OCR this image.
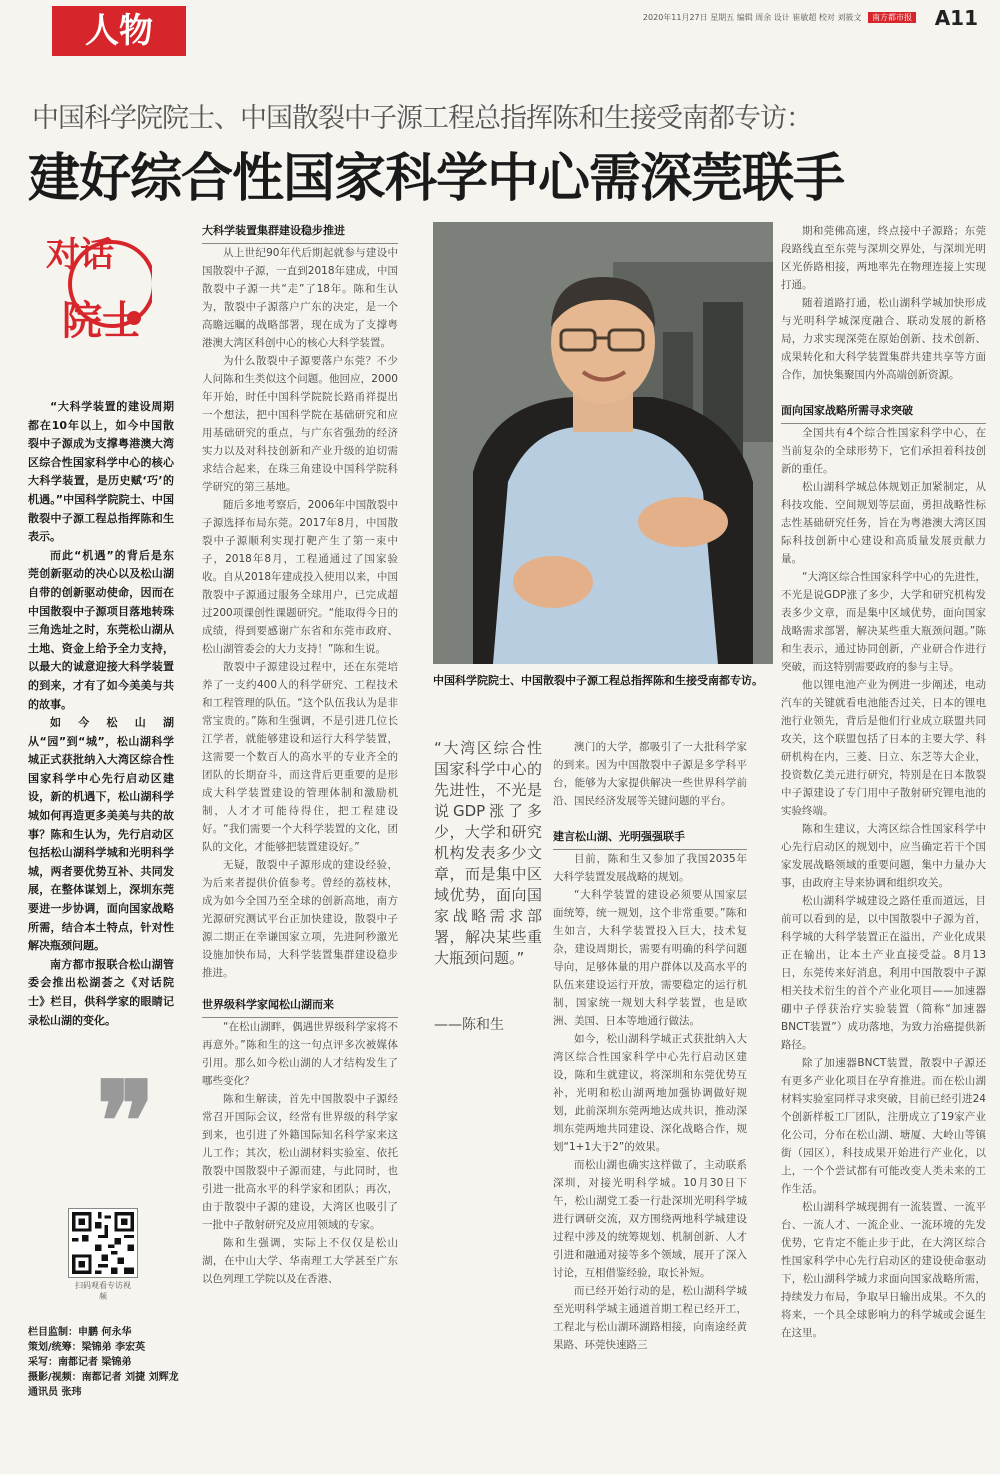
人物	2020年11月27日 星期五 编辑 周余 设计 崔敏超 校对 刘筱文 南方都市报	A11
中国科学院院士、中国散裂中子源工程总指挥陈和生接受南都专访：
建好综合性国家科学中心需深莞联手
对话
院士

“大科学装置的建设周期都在10年以上，如今中国散裂中子源成为支撑粤港澳大湾区综合性国家科学中心的核心大科学装置，是历史赋‘巧’的机遇。”中国科学院院士、中国散裂中子源工程总指挥陈和生表示。

而此“机遇”的背后是东莞创新驱动的决心以及松山湖自带的创新驱动使命，因而在中国散裂中子源项目落地转珠三角选址之时，东莞松山湖从土地、资金上给予全力支持，以最大的诚意迎接大科学装置的到来，才有了如今美美与共的故事。

如今松山湖从“园”到“城”，松山湖科学城正式获批纳入大湾区综合性国家科学中心先行启动区建设，新的机遇下，松山湖科学城如何再造更多美美与共的故事？陈和生认为，先行启动区包括松山湖科学城和光明科学城，两者要优势互补、共同发展，在整体谋划上，深圳东莞要进一步协调，面向国家战略所需，结合本土特点，针对性解决瓶颈问题。

南方都市报联合松山湖管委会推出松湖荟之《对话院士》栏目，供科学家的眼睛记录松山湖的变化。

❞
扫码观看专访视频
栏目监制：申鹏 何永华
策划/统筹：梁锦弟 李宏英
采写：南都记者 梁锦弟
摄影/视频：南都记者 刘捷 刘辉龙
通讯员 张玮

大科学装置集群建设稳步推进

从上世纪90年代后期起就参与建设中国散裂中子源，一直到2018年建成，中国散裂中子源一共“走”了18年。陈和生认为，散裂中子源落户广东的决定，是一个高瞻远瞩的战略部署，现在成为了支撑粤港澳大湾区科创中心的核心大科学装置。

为什么散裂中子源要落户东莞？不少人问陈和生类似这个问题。他回应，2000年开始，时任中国科学院院长路甬祥提出一个想法，把中国科学院在基础研究和应用基础研究的重点，与广东省强劲的经济实力以及对科技创新和产业升级的迫切需求结合起来，在珠三角建设中国科学院科学研究的第三基地。

随后多地考察后，2006年中国散裂中子源选择布局东莞。2017年8月，中国散裂中子源顺利实现打靶产生了第一束中子，2018年8月，工程通通过了国家验收。自从2018年建成投入使用以来，中国散裂中子源通过服务全球用户，已完成超过200项课创性课题研究。“能取得今日的成绩，得到要感谢广东省和东莞市政府、松山湖管委会的大力支持！”陈和生说。

散裂中子源建设过程中，还在东莞培养了一支约400人的科学研究、工程技术和工程管理的队伍。“这个队伍我认为是非常宝贵的。”陈和生强调，不是引进几位长江学者，就能够建设和运行大科学装置，这需要一个数百人的高水平的专业齐全的团队的长期奋斗，而这背后更重要的是形成大科学装置建设的管理体制和激励机制，人才才可能待得住，把工程建设好。“我们需要一个大科学装置的文化，团队的文化，才能够把装置建设好。”

无疑，散裂中子源形成的建设经验，为后来者提供价值参考。曾经的荔枝林，成为如今全国乃至全球的创新高地，南方光源研究测试平台正加快建设，散裂中子源二期正在幸谦国家立项，先进阿秒激光设施加快布局，大科学装置集群建设稳步推进。

世界级科学家闻松山湖而来

“在松山湖畔，偶遇世界级科学家将不再意外。”陈和生的这一句点评多次被媒体引用。那么如今松山湖的人才结构发生了哪些变化？

陈和生解读，首先中国散裂中子源经常召开国际会议，经常有世界级的科学家到来，也引进了外籍国际知名科学家来这儿工作；其次，松山湖材料实验室、依托散裂中国散裂中子源而建，与此同时，也引进一批高水平的科学家和团队；再次，由于散裂中子源的建设，大湾区也吸引了一批中子散射研究及应用领域的专家。

陈和生强调，实际上不仅仅是松山湖，在中山大学、华南理工大学甚至广东以色列理工学院以及在香港、

中国科学院院士、中国散裂中子源工程总指挥陈和生接受南都专访。
“大湾区综合性国家科学中心的先进性，不光是说GDP涨了多少，大学和研究机构发表多少文章，而是集中区域优势，面向国家战略需求部署，解决某些重大瓶颈问题。”
——陈和生

澳门的大学，都吸引了一大批科学家的到来。因为中国散裂中子源是多学科平台，能够为大家提供解决一些世界科学前沿、国民经济发展等关键问题的平台。

建言松山湖、光明强强联手

目前，陈和生又参加了我国2035年大科学装置发展战略的规划。

“大科学装置的建设必须要从国家层面统筹，统一规划，这个非常重要。”陈和生如言，大科学装置投入巨大，技术复杂，建设周期长，需要有明确的科学问题导向，足够体量的用户群体以及高水平的队伍来建设运行开放，需要稳定的运行机制，国家统一规划大科学装置，也是欧洲、美国、日本等地通行做法。

如今，松山湖科学城正式获批纳入大湾区综合性国家科学中心先行启动区建设，陈和生就建议，将深圳和东莞优势互补，光明和松山湖两地加强协调做好规划，此前深圳东莞两地达成共识，推动深圳东莞两地共同建设、深化战略合作，规划“1+1大于2”的效果。

而松山湖也确实这样做了，主动联系深圳，对接光明科学城。10月30日下午，松山湖党工委一行赴深圳光明科学城进行调研交流，双方围绕两地科学城建设过程中涉及的统筹规划、机制创新、人才引进和融通对接等多个领域，展开了深入讨论，互相借鉴经验，取长补短。

而已经开始行动的是，松山湖科学城至光明科学城主通道首期工程已经开工，工程北与松山湖环湖路相接，向南途经黄果路、环莞快速路三

期和莞佛高速，终点接中子源路；东莞段路线直至东莞与深圳交界处，与深圳光明区光侨路相接，两地率先在物理连接上实现打通。

随着道路打通，松山湖科学城加快形成与光明科学城深度融合、联动发展的新格局，力求实现深莞在原始创新、技术创新、成果转化和大科学装置集群共建共享等方面合作，加快集聚国内外高端创新资源。

面向国家战略所需寻求突破

全国共有4个综合性国家科学中心，在当前复杂的全球形势下，它们承担着科技创新的重任。

松山湖科学城总体规划正加紧制定，从科技攻能、空间规划等层面，勇担战略性标志性基础研究任务，旨在为粤港澳大湾区国际科技创新中心建设和高质量发展贡献力量。

“大湾区综合性国家科学中心的先进性，不光是说GDP涨了多少，大学和研究机构发表多少文章，而是集中区域优势，面向国家战略需求部署，解决某些重大瓶颈问题。”陈和生表示，通过协同创新，产业研合作进行突破，而这特别需要政府的参与主导。

他以锂电池产业为例进一步阐述，电动汽车的关键就看电池能否过关，日本的锂电池行业领先，背后是他们行业成立联盟共同攻关，这个联盟包括了日本的主要大学、科研机构在内，三菱、日立、东芝等大企业，投资数亿美元进行研究，特别是在日本散裂中子源建设了专门用中子散射研究锂电池的实验终端。

陈和生建议，大湾区综合性国家科学中心先行启动区的规划中，应当确定若干个国家发展战略领域的重要问题，集中力量办大事，由政府主导来协调和组织攻关。

松山湖科学城建设之路任重而道远，目前可以看到的是，以中国散裂中子源为首，科学城的大科学装置正在溢出，产业化成果正在输出，让本土产业直接受益。8月13日，东莞传来好消息，利用中国散裂中子源相关技术衍生的首个产业化项目——加速器硼中子俘获治疗实验装置（简称“加速器BNCT装置”）成功落地，为致力治癌提供新路径。

除了加速器BNCT装置，散裂中子源还有更多产业化项目在孕育推进。而在松山湖材料实验室同样寻求突破，目前已经引进24个创新样板工厂团队，注册成立了19家产业化公司，分布在松山湖、塘厦、大岭山等镇街（园区），科技成果开始进行产业化，以上，一个个尝试都有可能改变人类未来的工作生活。

松山湖科学城现拥有一流装置、一流平台、一流人才、一流企业、一流环境的先发优势，它肯定不能止步于此，在大湾区综合性国家科学中心先行启动区的建设使命驱动下，松山湖科学城力求面向国家战略所需，持续发力布局，争取早日输出成果。不久的将来，一个具全球影响力的科学城或会诞生在这里。
